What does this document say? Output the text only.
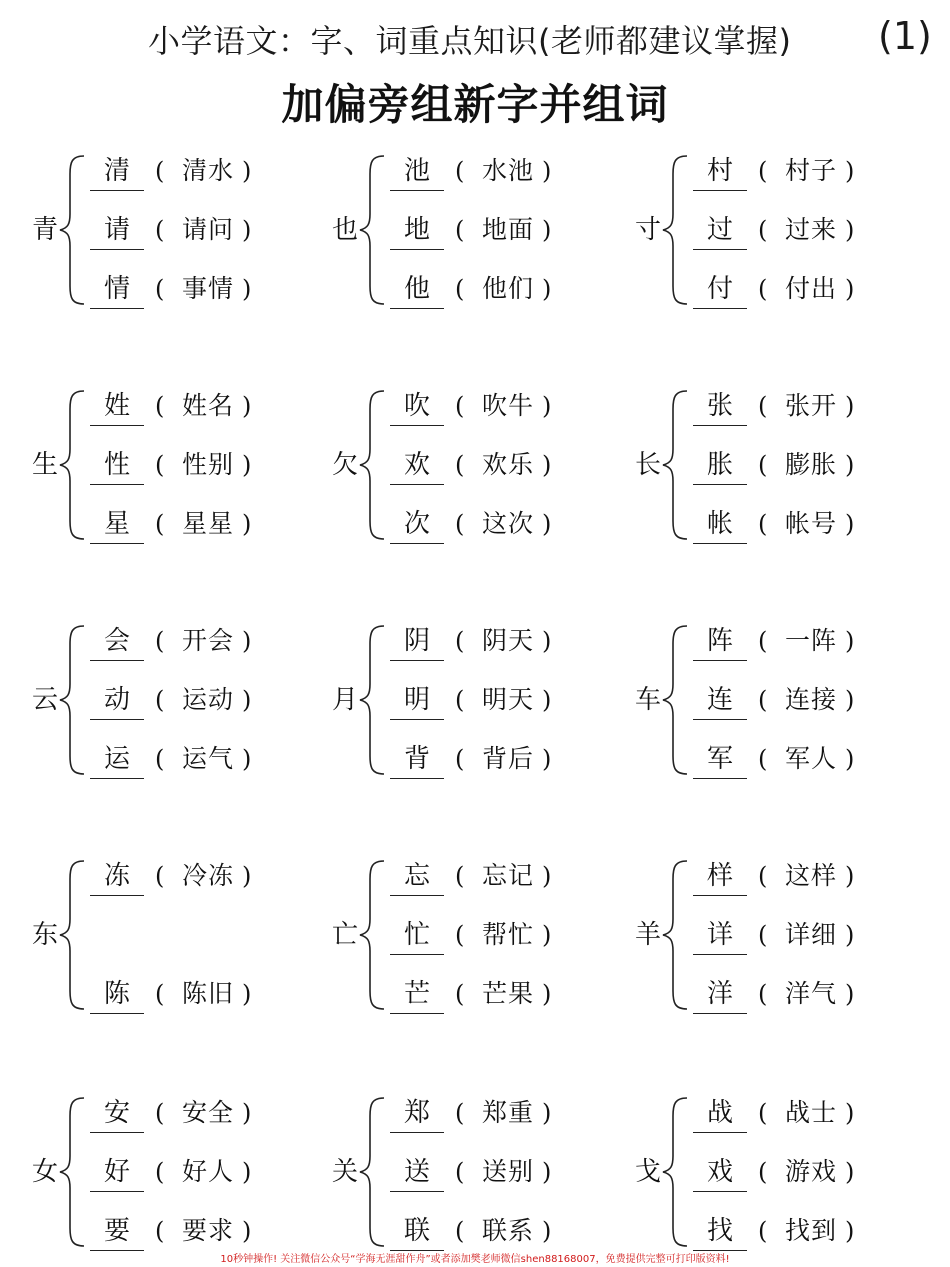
小学语文：字、词重点知识(老师都建议掌握) (1)
加偏旁组新字并组词
青
清	( 清水 )
请	( 请问 )
情	( 事情 )
也
池	( 水池 )
地	( 地面 )
他	( 他们 )
寸
村	( 村子 )
过	( 过来 )
付	( 付出 )
生
姓	( 姓名 )
性	( 性别 )
星	( 星星 )
欠
吹	( 吹牛 )
欢	( 欢乐 )
次	( 这次 )
长
张	( 张开 )
胀	( 膨胀 )
帐	( 帐号 )
云
会	( 开会 )
动	( 运动 )
运	( 运气 )
月
阴	( 阴天 )
明	( 明天 )
背	( 背后 )
车
阵	( 一阵 )
连	( 连接 )
军	( 军人 )
东
冻	( 冷冻 )
陈	( 陈旧 )
亡
忘	( 忘记 )
忙	( 帮忙 )
芒	( 芒果 )
羊
样	( 这样 )
详	( 详细 )
洋	( 洋气 )
女
安	( 安全 )
好	( 好人 )
要	( 要求 )
关
郑	( 郑重 )
送	( 送别 )
联	( 联系 )
戈
战	( 战士 )
戏	( 游戏 )
找	( 找到 )
10秒钟操作! 关注微信公众号“学海无涯甜作舟”或者添加樊老师微信shen88168007，免费提供完整可打印版资料!
